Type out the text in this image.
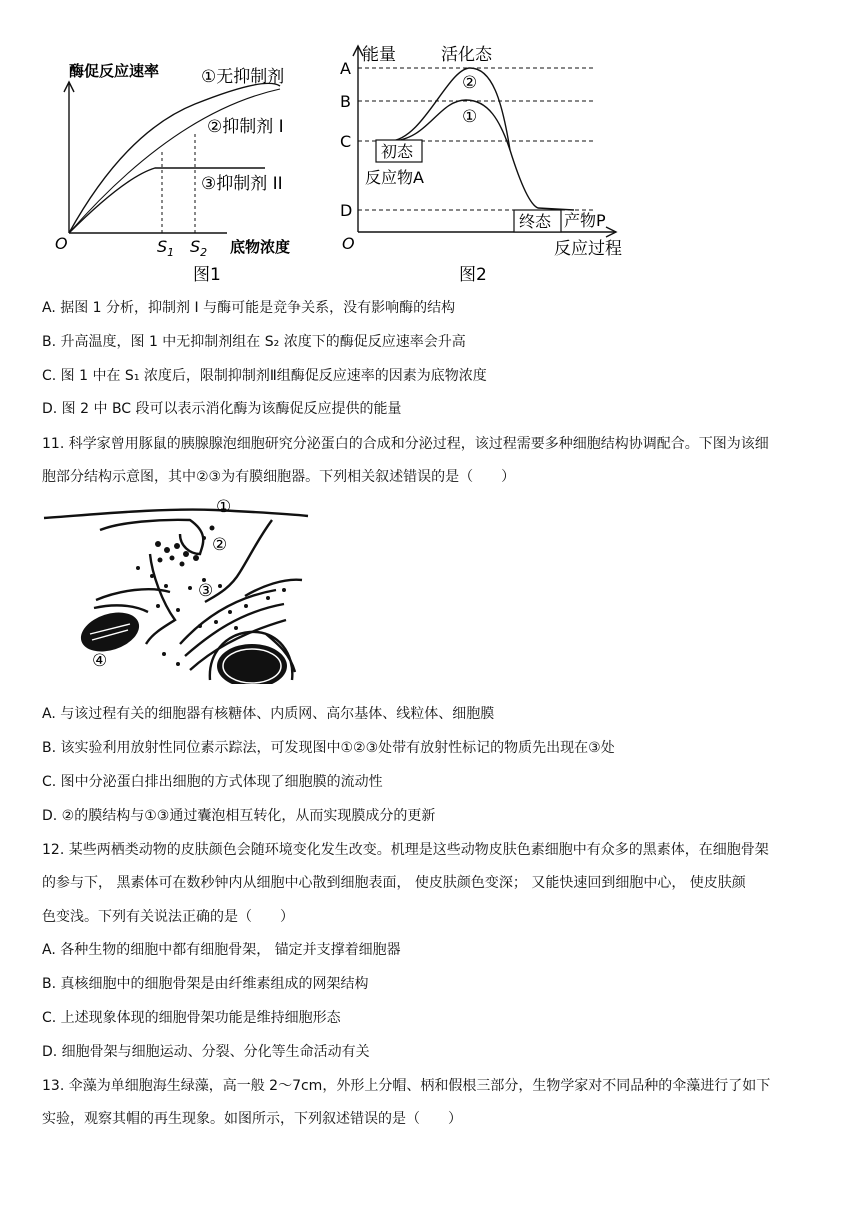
酶促反应速率 ①无抑制剂
②抑制剂 I
③抑制剂 II
O	$S_1$ $S_2$ 底物浓度
图1
能量	活化态
A
B
C
D
②
①
初态
反应物A
终态 产物P
O	反应过程
图2
A. 据图 1 分析，抑制剂 I 与酶可能是竞争关系，没有影响酶的结构
B. 升高温度，图 1 中无抑制剂组在 S₂ 浓度下的酶促反应速率会升高
C. 图 1 中在 S₁ 浓度后，限制抑制剂Ⅱ组酶促反应速率的因素为底物浓度
D. 图 2 中 BC 段可以表示消化酶为该酶促反应提供的能量
11. 科学家曾用豚鼠的胰腺腺泡细胞研究分泌蛋白的合成和分泌过程，该过程需要多种细胞结构协调配合。下图为该细
胞部分结构示意图，其中②③为有膜细胞器。下列相关叙述错误的是（　　）
①
②
③
④
A. 与该过程有关的细胞器有核糖体、内质网、高尔基体、线粒体、细胞膜
B. 该实验利用放射性同位素示踪法，可发现图中①②③处带有放射性标记的物质先出现在③处
C. 图中分泌蛋白排出细胞的方式体现了细胞膜的流动性
D. ②的膜结构与①③通过囊泡相互转化，从而实现膜成分的更新
12. 某些两栖类动物的皮肤颜色会随环境变化发生改变。机理是这些动物皮肤色素细胞中有众多的黑素体，在细胞骨架
的参与下， 黑素体可在数秒钟内从细胞中心散到细胞表面， 使皮肤颜色变深； 又能快速回到细胞中心， 使皮肤颜
色变浅。下列有关说法正确的是（　　）
A. 各种生物的细胞中都有细胞骨架， 锚定并支撑着细胞器
B. 真核细胞中的细胞骨架是由纤维素组成的网架结构
C. 上述现象体现的细胞骨架功能是维持细胞形态
D. 细胞骨架与细胞运动、分裂、分化等生命活动有关
13. 伞藻为单细胞海生绿藻，高一般 2～7cm，外形上分帽、柄和假根三部分，生物学家对不同品种的伞藻进行了如下
实验，观察其帽的再生现象。如图所示，下列叙述错误的是（　　）
